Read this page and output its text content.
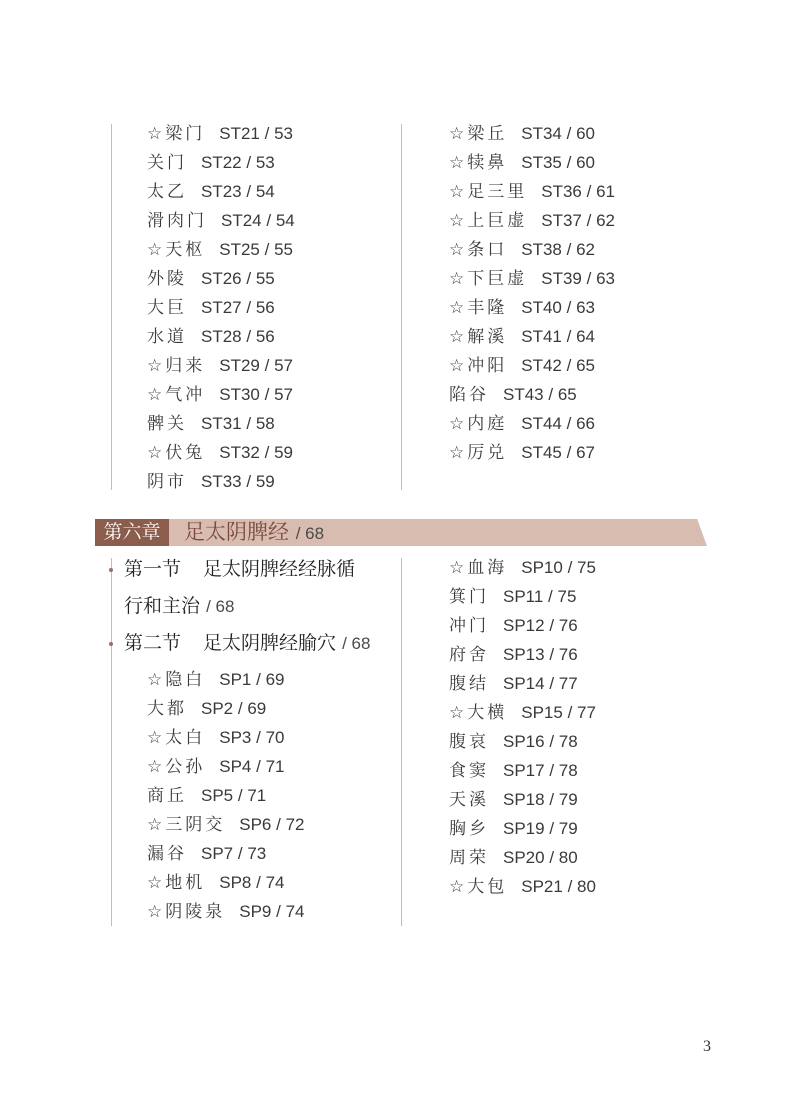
☆梁门 ST21 / 53
关门 ST22 / 53
太乙 ST23 / 54
滑肉门 ST24 / 54
☆天枢 ST25 / 55
外陵 ST26 / 55
大巨 ST27 / 56
水道 ST28 / 56
☆归来 ST29 / 57
☆气冲 ST30 / 57
髀关 ST31 / 58
☆伏兔 ST32 / 59
阴市 ST33 / 59
☆梁丘 ST34 / 60
☆犊鼻 ST35 / 60
☆足三里 ST36 / 61
☆上巨虚 ST37 / 62
☆条口 ST38 / 62
☆下巨虚 ST39 / 63
☆丰隆 ST40 / 63
☆解溪 ST41 / 64
☆冲阳 ST42 / 65
陷谷 ST43 / 65
☆内庭 ST44 / 66
☆厉兑 ST45 / 67
第六章	足太阴脾经 / 68
第一节 足太阴脾经经脉循
行和主治 / 68
第二节 足太阴脾经腧穴 / 68
☆隐白 SP1 / 69
大都 SP2 / 69
☆太白 SP3 / 70
☆公孙 SP4 / 71
商丘 SP5 / 71
☆三阴交 SP6 / 72
漏谷 SP7 / 73
☆地机 SP8 / 74
☆阴陵泉 SP9 / 74
☆血海 SP10 / 75
箕门 SP11 / 75
冲门 SP12 / 76
府舍 SP13 / 76
腹结 SP14 / 77
☆大横 SP15 / 77
腹哀 SP16 / 78
食窦 SP17 / 78
天溪 SP18 / 79
胸乡 SP19 / 79
周荣 SP20 / 80
☆大包 SP21 / 80
3
